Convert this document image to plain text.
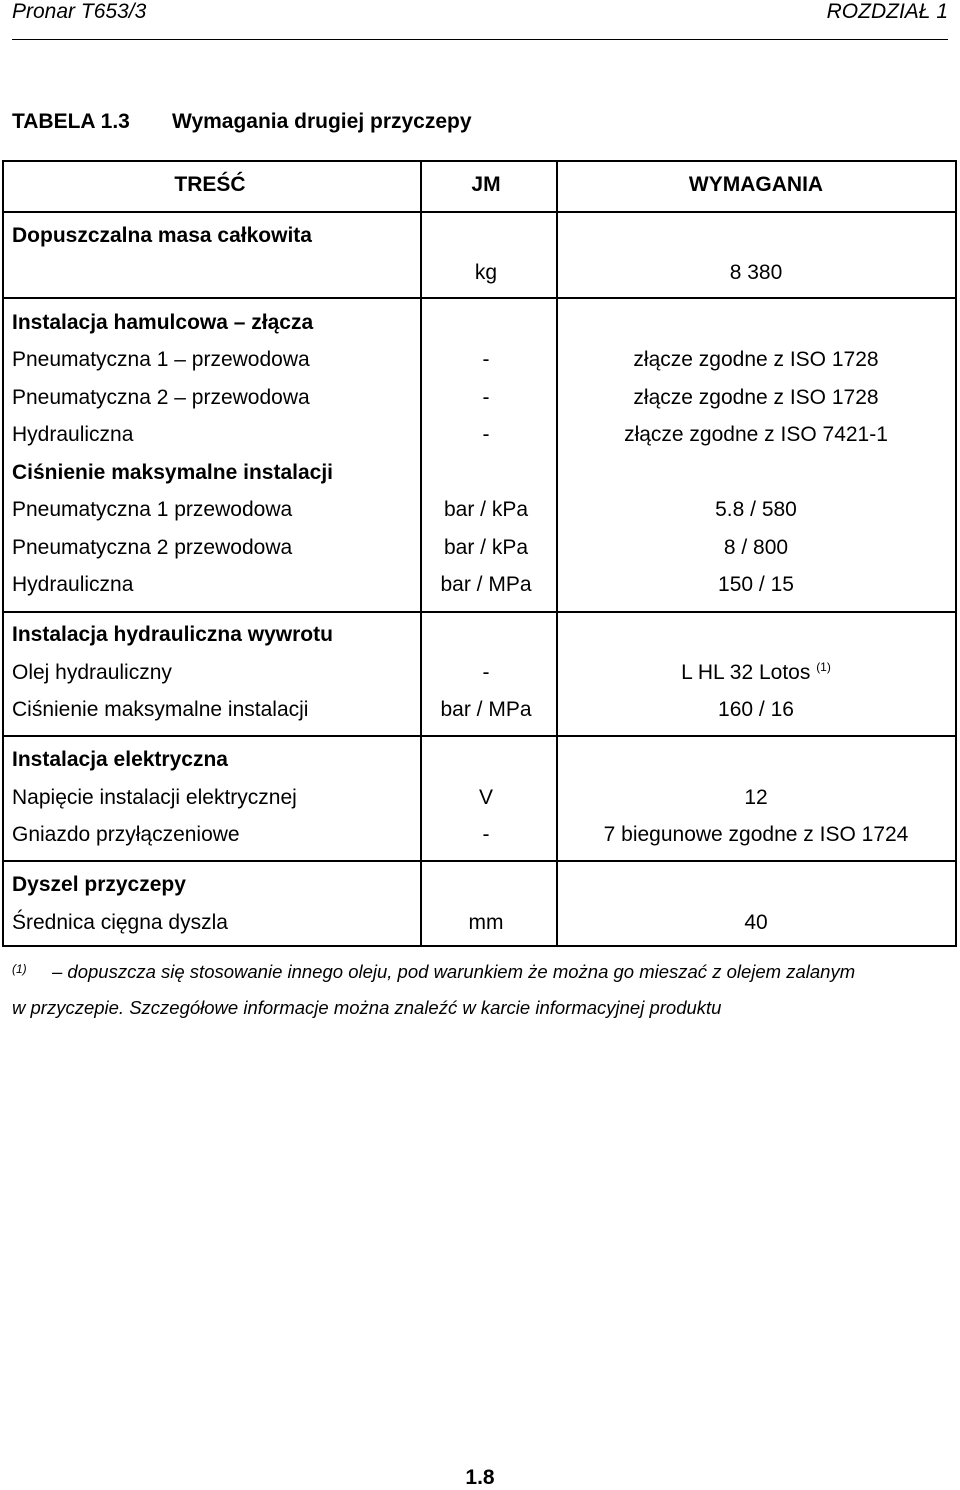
Pronar T653/3	ROZDZIAŁ 1
TABELA 1.3 Wymagania drugiej przyczepy
TREŚĆ	JM	WYMAGANIA
Dopuszczalna masa całkowita
kg	8 380
Instalacja hamulcowa – złącza
Pneumatyczna 1 – przewodowa	-	złącze zgodne z ISO 1728
Pneumatyczna 2 – przewodowa	-	złącze zgodne z ISO 1728
Hydrauliczna	-	złącze zgodne z ISO 7421-1
Ciśnienie maksymalne instalacji
Pneumatyczna 1 przewodowa	bar / kPa	5.8 / 580
Pneumatyczna 2 przewodowa	bar / kPa	8 / 800
Hydrauliczna	bar / MPa	150 / 15
Instalacja hydrauliczna wywrotu
Olej hydrauliczny	-	L HL 32 Lotos $^{(1)}$
Ciśnienie maksymalne instalacji	bar / MPa	160 / 16
Instalacja elektryczna
Napięcie instalacji elektrycznej	V	12
Gniazdo przyłączeniowe	-	7 biegunowe zgodne z ISO 1724
Dyszel przyczepy
Średnica cięgna dyszla	mm	40
(1) – dopuszcza się stosowanie innego oleju, pod warunkiem że można go mieszać z olejem zalanym
w przyczepie. Szczegółowe informacje można znaleźć w karcie informacyjnej produktu
1.8
